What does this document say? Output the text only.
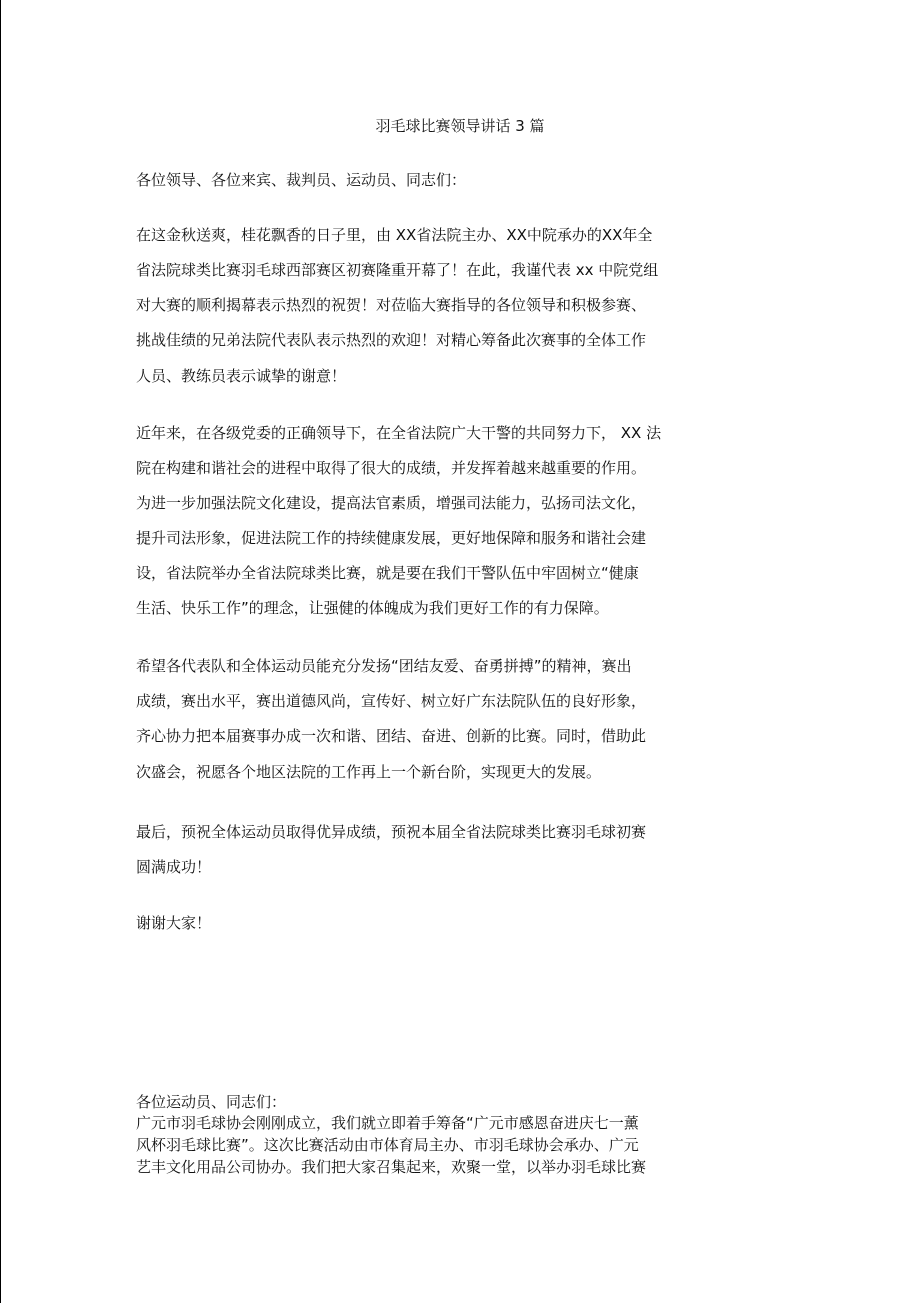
羽毛球比赛领导讲话 3 篇
各位领导、各位来宾、裁判员、运动员、同志们：
在这金秋送爽，桂花飘香的日子里，由 XX省法院主办、XX中院承办的XX年全
省法院球类比赛羽毛球西部赛区初赛隆重开幕了！在此，我谨代表 xx 中院党组
对大赛的顺利揭幕表示热烈的祝贺！对莅临大赛指导的各位领导和积极参赛、
挑战佳绩的兄弟法院代表队表示热烈的欢迎！对精心筹备此次赛事的全体工作
人员、教练员表示诚挚的谢意！
近年来，在各级党委的正确领导下，在全省法院广大干警的共同努力下， XX 法
院在构建和谐社会的进程中取得了很大的成绩，并发挥着越来越重要的作用。
为进一步加强法院文化建设，提高法官素质，增强司法能力，弘扬司法文化，
提升司法形象，促进法院工作的持续健康发展，更好地保障和服务和谐社会建
设，省法院举办全省法院球类比赛，就是要在我们干警队伍中牢固树立“健康
生活、快乐工作”的理念，让强健的体魄成为我们更好工作的有力保障。
希望各代表队和全体运动员能充分发扬“团结友爱、奋勇拼搏”的精神，赛出
成绩，赛出水平，赛出道德风尚，宣传好、树立好广东法院队伍的良好形象，
齐心协力把本届赛事办成一次和谐、团结、奋进、创新的比赛。同时，借助此
次盛会，祝愿各个地区法院的工作再上一个新台阶，实现更大的发展。
最后，预祝全体运动员取得优异成绩，预祝本届全省法院球类比赛羽毛球初赛
圆满成功！
谢谢大家！
各位运动员、同志们：
广元市羽毛球协会刚刚成立，我们就立即着手筹备“广元市感恩奋进庆七一薰
风杯羽毛球比赛”。这次比赛活动由市体育局主办、市羽毛球协会承办、广元
艺丰文化用品公司协办。我们把大家召集起来，欢聚一堂，以举办羽毛球比赛
